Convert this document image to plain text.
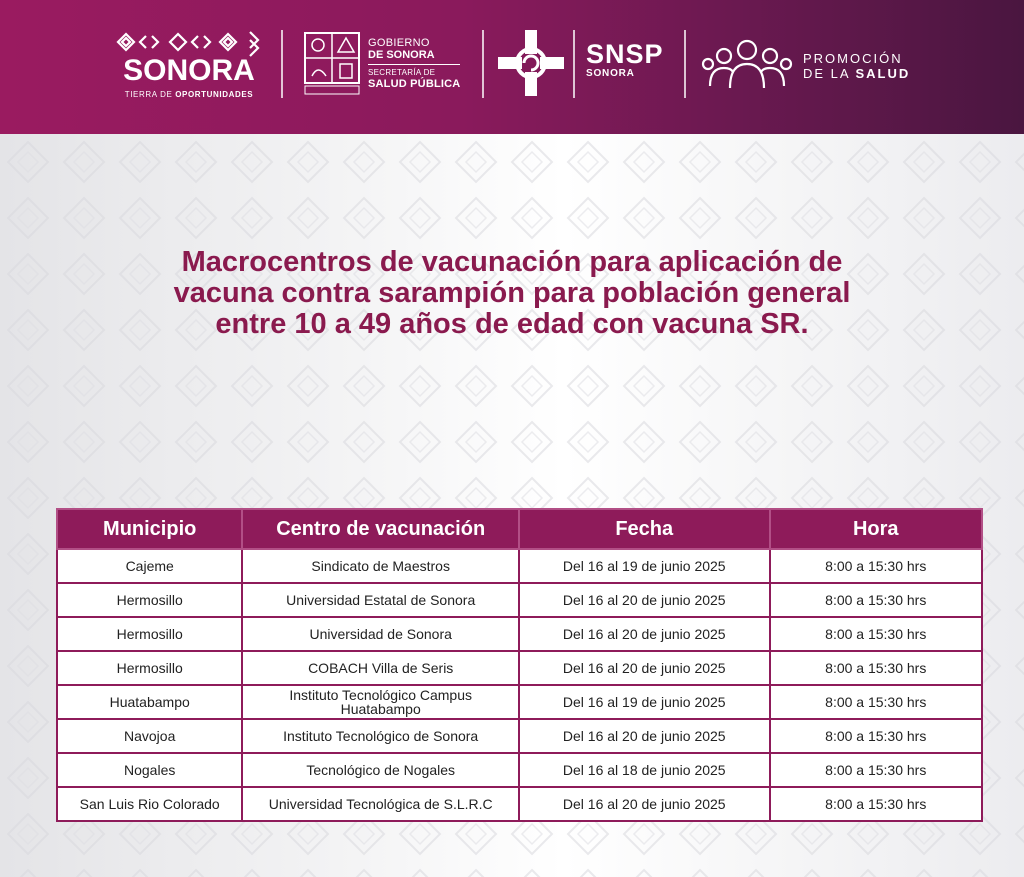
SONORA
TIERRA DE OPORTUNIDADES
GOBIERNO
DE SONORA
SECRETARÍA DE
SALUD PÚBLICA
SNSP
SONORA
PROMOCIÓN
DE LA SALUD
Macrocentros de vacunación para aplicación de
vacuna contra sarampión para población general
entre 10 a 49 años de edad con vacuna SR.
Municipio	Centro de vacunación	Fecha	Hora
Cajeme	Sindicato de Maestros	Del 16 al 19 de junio 2025	8:00 a 15:30 hrs
Hermosillo	Universidad Estatal de Sonora	Del 16 al 20 de junio 2025	8:00 a 15:30 hrs
Hermosillo	Universidad de Sonora	Del 16 al 20 de junio 2025	8:00 a 15:30 hrs
Hermosillo	COBACH Villa de Seris	Del 16 al 20 de junio 2025	8:00 a 15:30 hrs
Huatabampo	Instituto Tecnológico Campus Huatabampo	Del 16 al 19 de junio 2025	8:00 a 15:30 hrs
Navojoa	Instituto Tecnológico de Sonora	Del 16 al 20 de junio 2025	8:00 a 15:30 hrs
Nogales	Tecnológico de Nogales	Del 16 al 18 de junio 2025	8:00 a 15:30 hrs
San Luis Rio Colorado	Universidad Tecnológica de S.L.R.C	Del 16 al 20 de junio 2025	8:00 a 15:30 hrs
